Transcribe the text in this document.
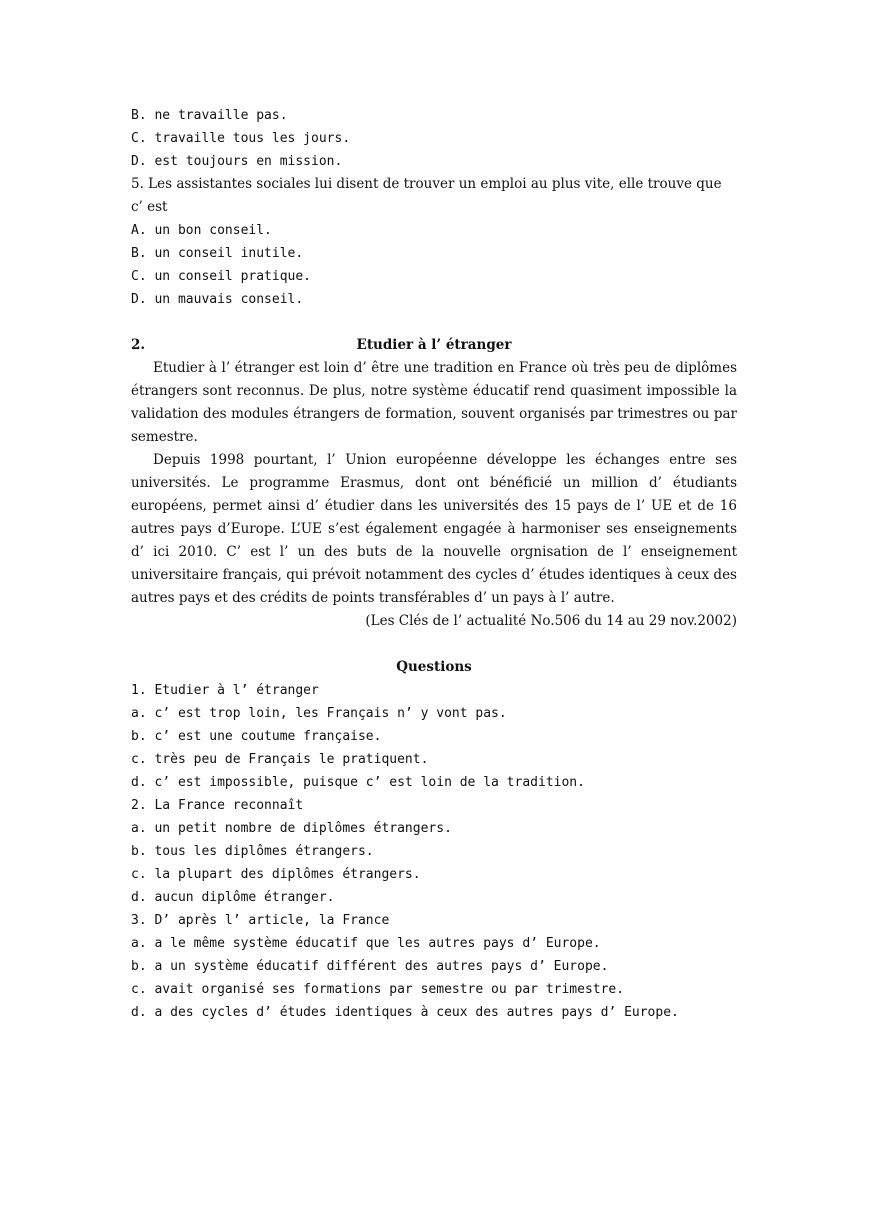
B. ne travaille pas.
C. travaille tous les jours.
D. est toujours en mission.
5. Les assistantes sociales lui disent de trouver un emploi au plus vite, elle trouve que c’ est
A. un bon conseil.
B. un conseil inutile.
C. un conseil pratique.
D. un mauvais conseil.
2.	Etudier à l’ étranger
Etudier à l’ étranger est loin d’ être une tradition en France où très peu de diplômes étrangers sont reconnus. De plus, notre système éducatif rend quasiment impossible la validation des modules étrangers de formation, souvent organisés par trimestres ou par semestre.
Depuis 1998 pourtant, l’ Union européenne développe les échanges entre ses universités. Le programme Erasmus, dont ont bénéficié un million d’ étudiants européens, permet ainsi d’ étudier dans les universités des 15 pays de l’ UE et de 16 autres pays d’Europe. L’UE s’est également engagée à harmoniser ses enseignements d’ ici 2010. C’ est l’ un des buts de la nouvelle orgnisation de l’ enseignement universitaire français, qui prévoit notamment des cycles d’ études identiques à ceux des autres pays et des crédits de points transférables d’ un pays à l’ autre.
(Les Clés de l’ actualité No.506 du 14 au 29 nov.2002)
Questions
1. Etudier à l’ étranger
a. c’ est trop loin, les Français n’ y vont pas.
b. c’ est une coutume française.
c. très peu de Français le pratiquent.
d. c’ est impossible, puisque c’ est loin de la tradition.
2. La France reconnaît
a. un petit nombre de diplômes étrangers.
b. tous les diplômes étrangers.
c. la plupart des diplômes étrangers.
d. aucun diplôme étranger.
3. D’ après l’ article, la France
a. a le même système éducatif que les autres pays d’ Europe.
b. a un système éducatif différent des autres pays d’ Europe.
c. avait organisé ses formations par semestre ou par trimestre.
d. a des cycles d’ études identiques à ceux des autres pays d’ Europe.
